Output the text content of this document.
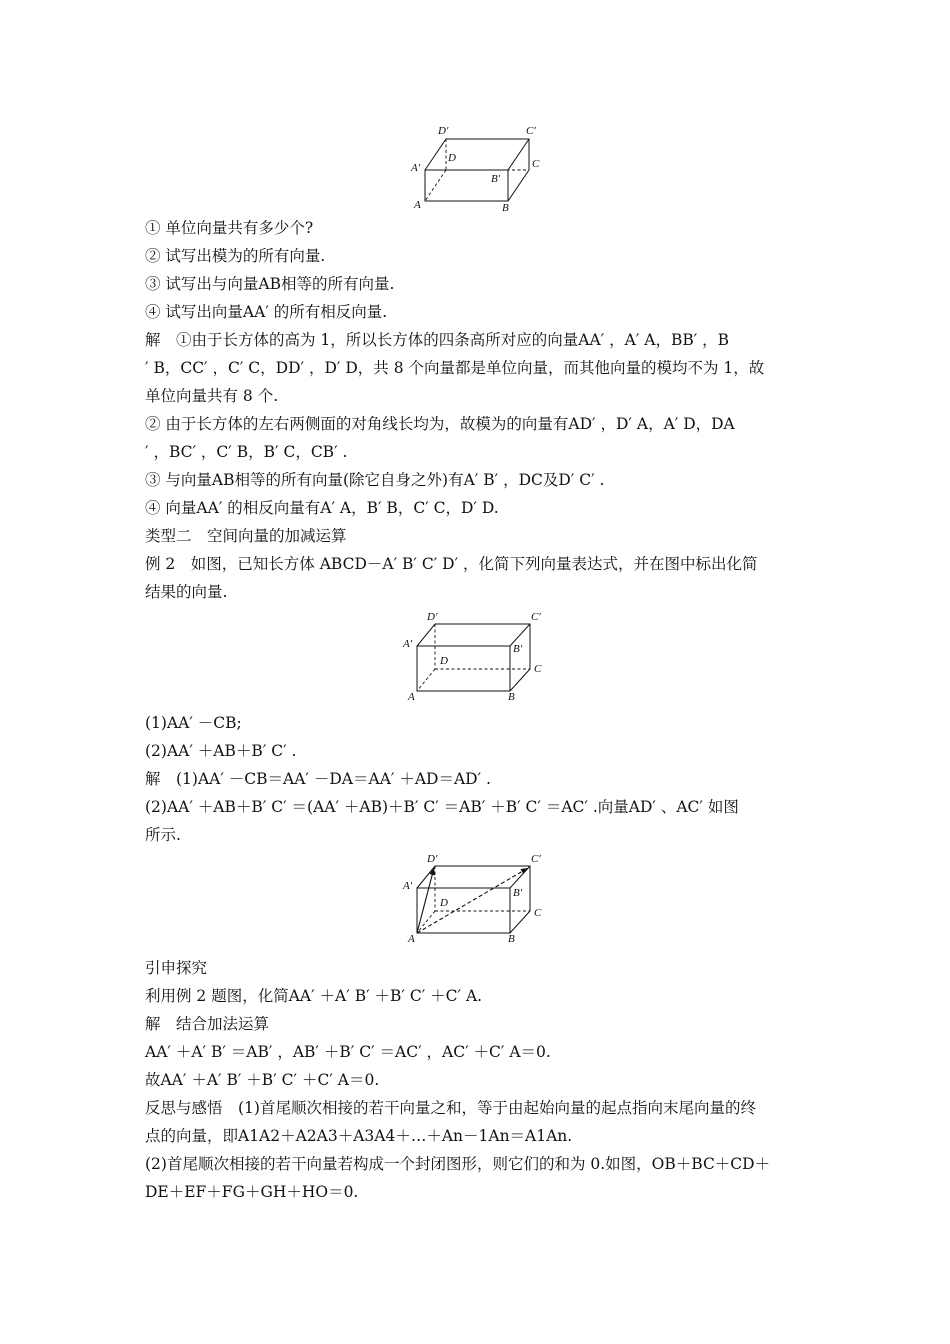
D′	C′
A′
D	C
B′
A	B
D′	C′
A′	B′
D
C
A	B
D′	C′
A′
B′
D
C
A	B
① 单位向量共有多少个?
② 试写出模为的所有向量.
③ 试写出与向量AB相等的所有向量.
④ 试写出向量AA′ 的所有相反向量.
解　①由于长方体的高为 1，所以长方体的四条高所对应的向量AA′ ，A′ A，BB′ ，B
′ B，CC′ ，C′ C，DD′ ，D′ D，共 8 个向量都是单位向量，而其他向量的模均不为 1，故
单位向量共有 8 个.
② 由于长方体的左右两侧面的对角线长均为，故模为的向量有AD′ ，D′ A，A′ D，DA
′ ，BC′ ，C′ B，B′ C，CB′ .
③ 与向量AB相等的所有向量(除它自身之外)有A′ B′ ，DC及D′ C′ .
④ 向量AA′ 的相反向量有A′ A，B′ B，C′ C，D′ D.
类型二　空间向量的加减运算
例 2　如图，已知长方体 ABCD－A′ B′ C′ D′ ，化简下列向量表达式，并在图中标出化简
结果的向量.
(1)AA′ －CB;
(2)AA′ ＋AB＋B′ C′ .
解　(1)AA′ －CB＝AA′ －DA＝AA′ ＋AD＝AD′ .
(2)AA′ ＋AB＋B′ C′ ＝(AA′ ＋AB)＋B′ C′ ＝AB′ ＋B′ C′ ＝AC′ .向量AD′ 、AC′ 如图
所示.
引申探究
利用例 2 题图，化简AA′ ＋A′ B′ ＋B′ C′ ＋C′ A.
解　结合加法运算
AA′ ＋A′ B′ ＝AB′ ，AB′ ＋B′ C′ ＝AC′ ，AC′ ＋C′ A＝0.
故AA′ ＋A′ B′ ＋B′ C′ ＋C′ A＝0.
反思与感悟　(1)首尾顺次相接的若干向量之和，等于由起始向量的起点指向末尾向量的终
点的向量，即A1A2＋A2A3＋A3A4＋…＋An－1An＝A1An.
(2)首尾顺次相接的若干向量若构成一个封闭图形，则它们的和为 0.如图，OB＋BC＋CD＋
DE＋EF＋FG＋GH＋HO＝0.
